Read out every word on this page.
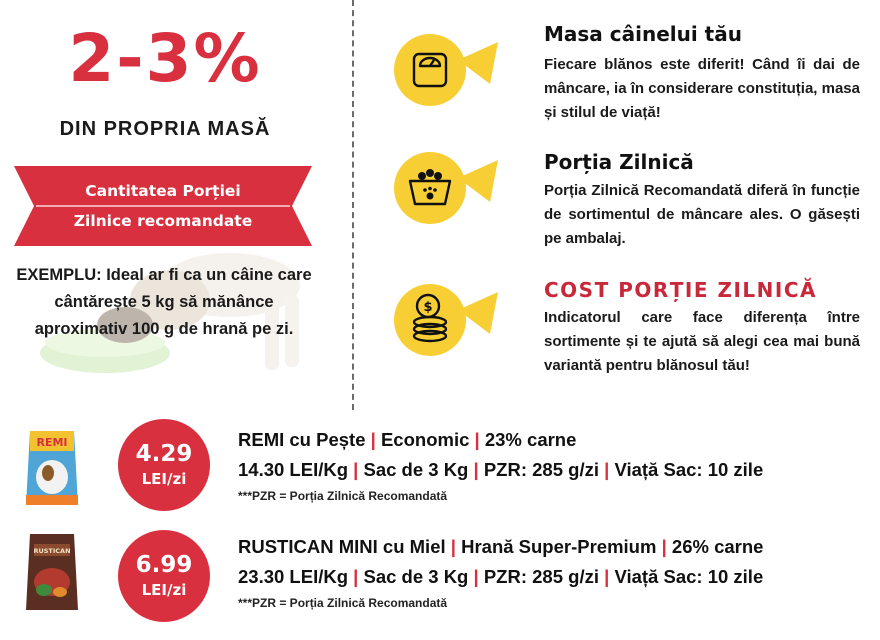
2-3%
DIN PROPRIA MASĂ
Cantitatea Porției
Zilnice recomandate
EXEMPLU: Ideal ar fi ca un câine care cântărește 5 kg să mănânce aproximativ 100 g de hrană pe zi.
Masa câinelui tău
Fiecare blănos este diferit! Când îi dai de mâncare, ia în considerare constituția, masa și stilul de viață!
Porția Zilnică
Porția Zilnică Recomandată diferă în funcție de sortimentul de mâncare ales. O găsești pe ambalaj.
$
COST PORȚIE ZILNICĂ
Indicatorul care face diferența între sortimente și te ajută să alegi cea mai bună variantă pentru blănosul tău!
REMI	4.29
LEI/zi
REMI cu Pește | Economic | 23% carne
14.30 LEI/Kg | Sac de 3 Kg | PZR: 285 g/zi | Viață Sac: 10 zile
***PZR = Porția Zilnică Recomandată
RUSTICAN
6.99
LEI/zi
RUSTICAN MINI cu Miel | Hrană Super-Premium | 26% carne
23.30 LEI/Kg | Sac de 3 Kg | PZR: 285 g/zi | Viață Sac: 10 zile
***PZR = Porția Zilnică Recomandată
